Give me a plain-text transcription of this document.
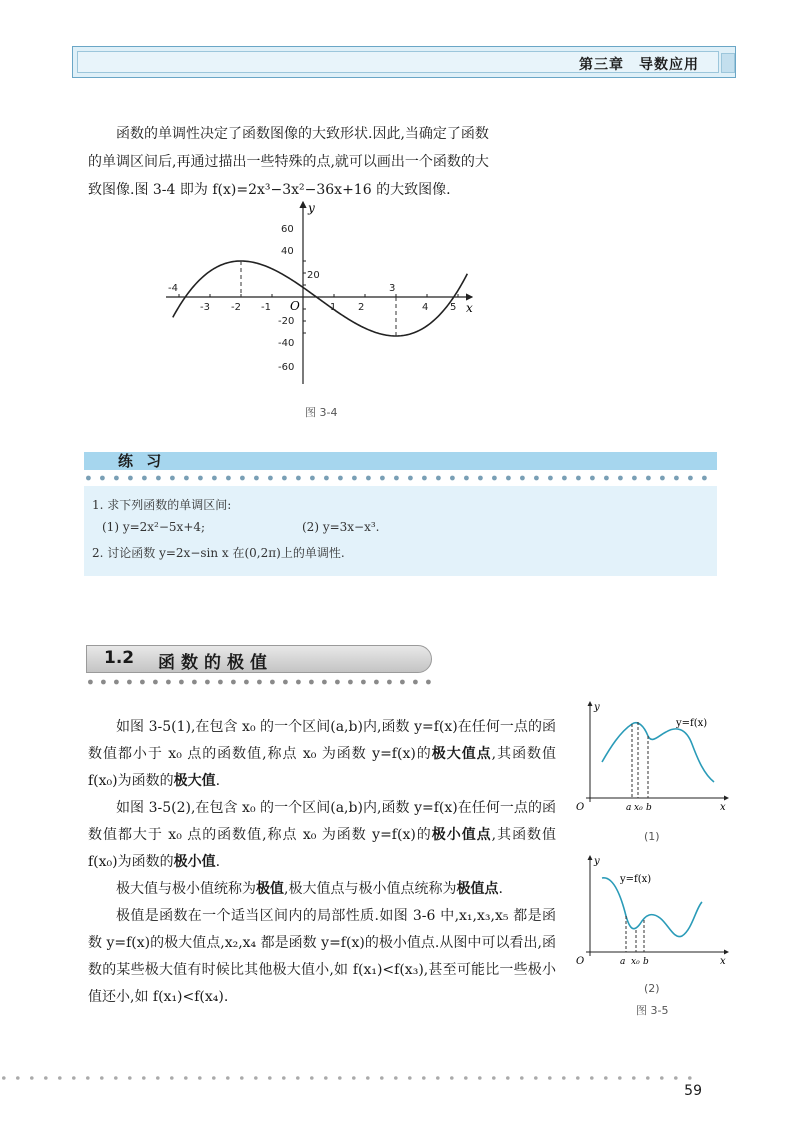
第三章　导数应用

函数的单调性决定了函数图像的大致形状.因此,当确定了函数

的单调区间后,再通过描出一些特殊的点,就可以画出一个函数的大

致图像.图 3-4 即为 f(x)=2x³−3x²−36x+16 的大致图像.

y
x
O
-3 -2 -1	1 2	4
-4	3
5
20
60
40
-20
-40
-60
图 3-4
练 习
1. 求下列函数的单调区间:
(1) y=2x²−5x+4;	(2) y=3x−x³.
2. 讨论函数 y=2x−sin x 在(0,2π)上的单调性.
1.2 函数的极值

如图 3-5(1),在包含 x₀ 的一个区间(a,b)内,函数 y=f(x)在任何一点的函数值都小于 x₀ 点的函数值,称点 x₀ 为函数 y=f(x)的极大值点,其函数值 f(x₀)为函数的极大值.

如图 3-5(2),在包含 x₀ 的一个区间(a,b)内,函数 y=f(x)在任何一点的函数值都大于 x₀ 点的函数值,称点 x₀ 为函数 y=f(x)的极小值点,其函数值 f(x₀)为函数的极小值.

极大值与极小值统称为极值,极大值点与极小值点统称为极值点.

极值是函数在一个适当区间内的局部性质.如图 3-6 中,x₁,x₃,x₅ 都是函数 y=f(x)的极大值点,x₂,x₄ 都是函数 y=f(x)的极小值点.从图中可以看出,函数的某些极大值有时候比其他极大值小,如 f(x₁)<f(x₃),甚至可能比一些极小值还小,如 f(x₁)<f(x₄).

y
x
O
y=f(x)
a x₀ b
(1)
y
x
O
y=f(x)
a x₀ b
(2)
图 3-5
59
